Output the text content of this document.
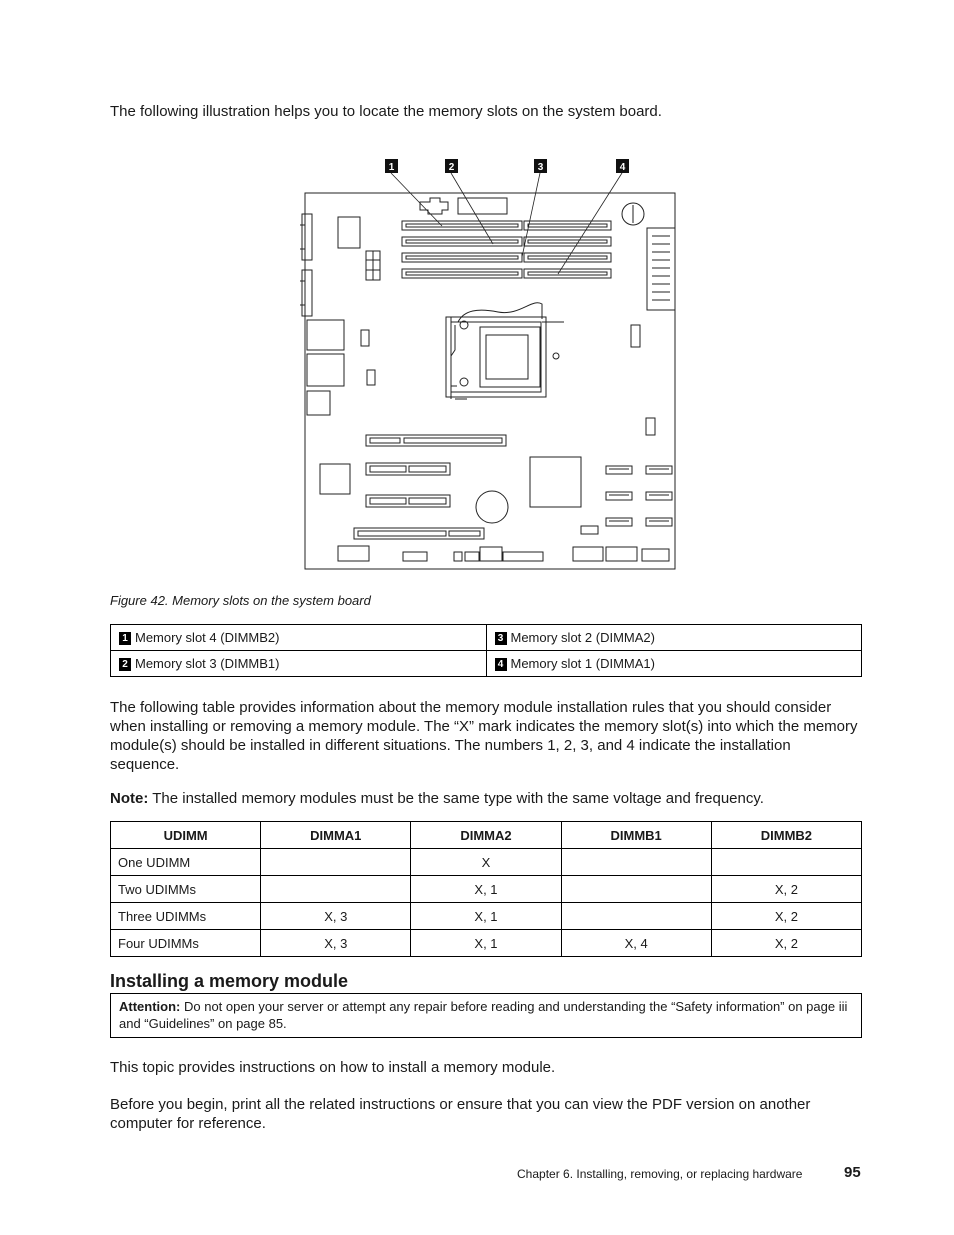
The following illustration helps you to locate the memory slots on the system board.
1	2	3	4
Figure 42. Memory slots on the system board
1 Memory slot 4 (DIMMB2)	3 Memory slot 2 (DIMMA2)
2 Memory slot 3 (DIMMB1)	4 Memory slot 1 (DIMMA1)
The following table provides information about the memory module installation rules that you should consider when installing or removing a memory module. The “X” mark indicates the memory slot(s) into which the memory module(s) should be installed in different situations. The numbers 1, 2, 3, and 4 indicate the installation sequence.
Note: The installed memory modules must be the same type with the same voltage and frequency.
UDIMM	DIMMA1	DIMMA2	DIMMB1	DIMMB2
One UDIMM		X		
Two UDIMMs		X, 1		X, 2
Three UDIMMs	X, 3	X, 1		X, 2
Four UDIMMs	X, 3	X, 1	X, 4	X, 2
Installing a memory module
Attention: Do not open your server or attempt any repair before reading and understanding the “Safety information” on page iii and “Guidelines” on page 85.
This topic provides instructions on how to install a memory module.
Before you begin, print all the related instructions or ensure that you can view the PDF version on another computer for reference.
Chapter 6. Installing, removing, or replacing hardware	95
